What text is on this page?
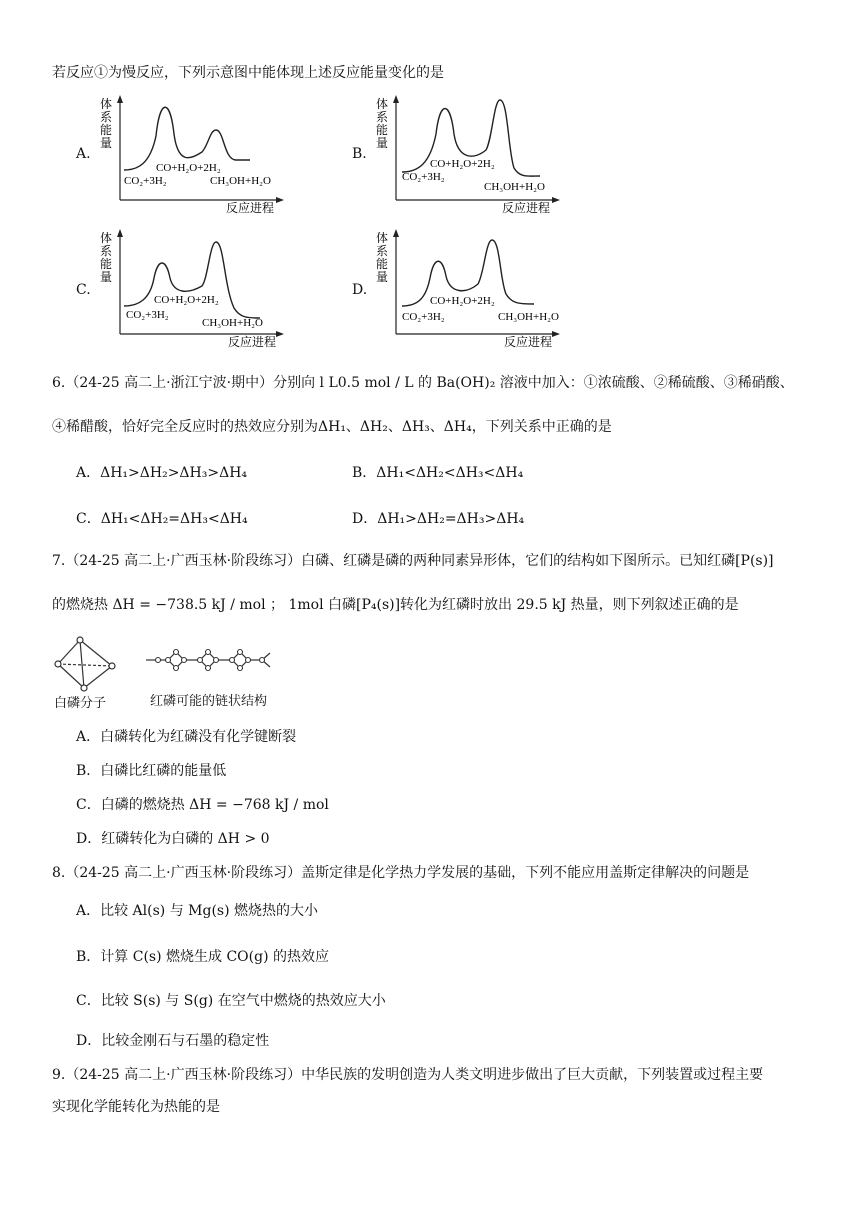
若反应①为慢反应，下列示意图中能体现上述反应能量变化的是
A.
体
系
能
量
CO+H₂O+2H₂
CO₂+3H₂	CH₃OH+H₂O
反应进程
B.
体
系
能
量
CO+H₂O+2H₂
CO₂+3H₂
CH₃OH+H₂O
反应进程
C.
体
系
能
量
CO+H₂O+2H₂
CO₂+3H₂
CH₃OH+H₂O
反应进程
D.
体
系
能
量
CO+H₂O+2H₂
CO₂+3H₂	CH₃OH+H₂O
反应进程
6.（24-25 高二上·浙江宁波·期中）分别向 l L0.5 mol / L 的 Ba(OH)₂ 溶液中加入：①浓硫酸、②稀硫酸、③稀硝酸、
④稀醋酸，恰好完全反应时的热效应分别为ΔH₁、ΔH₂、ΔH₃、ΔH₄，下列关系中正确的是
A．ΔH₁>ΔH₂>ΔH₃>ΔH₄	B．ΔH₁<ΔH₂<ΔH₃<ΔH₄
C．ΔH₁<ΔH₂=ΔH₃<ΔH₄	D．ΔH₁>ΔH₂=ΔH₃>ΔH₄
7.（24-25 高二上·广西玉林·阶段练习）白磷、红磷是磷的两种同素异形体，它们的结构如下图所示。已知红磷[P(s)]
的燃烧热 ΔH = −738.5 kJ / mol ； 1mol 白磷[P₄(s)]转化为红磷时放出 29.5 kJ 热量，则下列叙述正确的是
白磷分子	红磷可能的链状结构
A．白磷转化为红磷没有化学键断裂
B．白磷比红磷的能量低
C．白磷的燃烧热 ΔH = −768 kJ / mol
D．红磷转化为白磷的 ΔH > 0
8.（24-25 高二上·广西玉林·阶段练习）盖斯定律是化学热力学发展的基础，下列不能应用盖斯定律解决的问题是
A．比较 Al(s) 与 Mg(s) 燃烧热的大小
B．计算 C(s) 燃烧生成 CO(g) 的热效应
C．比较 S(s) 与 S(g) 在空气中燃烧的热效应大小
D．比较金刚石与石墨的稳定性
9.（24-25 高二上·广西玉林·阶段练习）中华民族的发明创造为人类文明进步做出了巨大贡献，下列装置或过程主要
实现化学能转化为热能的是
